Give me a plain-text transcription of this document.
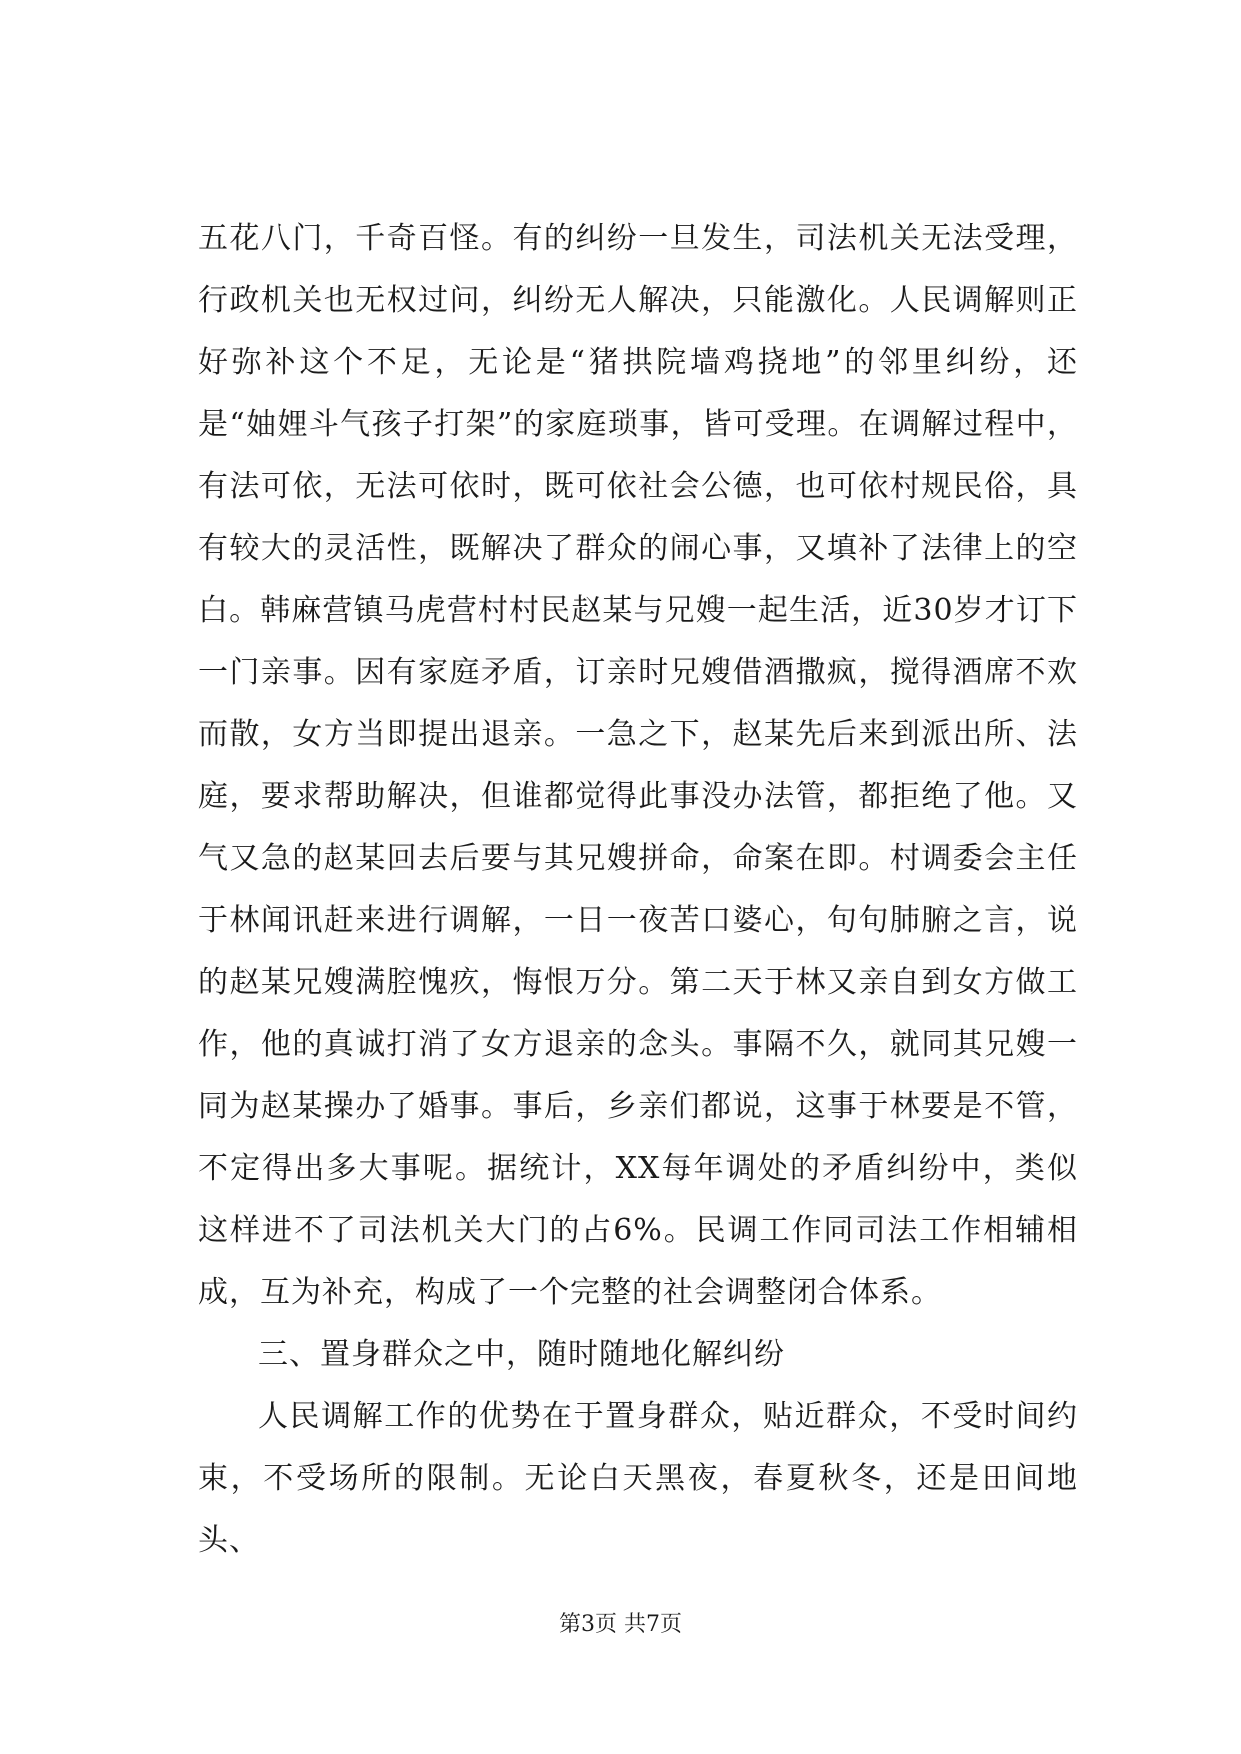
五花八门，千奇百怪。有的纠纷一旦发生，司法机关无法受理，行政机关也无权过问，纠纷无人解决，只能激化。人民调解则正好弥补这个不足，无论是“猪拱院墙鸡挠地”的邻里纠纷，还是“妯娌斗气孩子打架”的家庭琐事，皆可受理。在调解过程中，有法可依，无法可依时，既可依社会公德，也可依村规民俗，具有较大的灵活性，既解决了群众的闹心事，又填补了法律上的空白。韩麻营镇马虎营村村民赵某与兄嫂一起生活，近30岁才订下一门亲事。因有家庭矛盾，订亲时兄嫂借酒撒疯，搅得酒席不欢而散，女方当即提出退亲。一急之下，赵某先后来到派出所、法庭，要求帮助解决，但谁都觉得此事没办法管，都拒绝了他。又气又急的赵某回去后要与其兄嫂拼命，命案在即。村调委会主任于林闻讯赶来进行调解，一日一夜苦口婆心，句句肺腑之言，说的赵某兄嫂满腔愧疚，悔恨万分。第二天于林又亲自到女方做工作，他的真诚打消了女方退亲的念头。事隔不久，就同其兄嫂一同为赵某操办了婚事。事后，乡亲们都说，这事于林要是不管，不定得出多大事呢。据统计，XX每年调处的矛盾纠纷中，类似这样进不了司法机关大门的占6%。民调工作同司法工作相辅相成，互为补充，构成了一个完整的社会调整闭合体系。

三、置身群众之中，随时随地化解纠纷

人民调解工作的优势在于置身群众，贴近群众，不受时间约束，不受场所的限制。无论白天黑夜，春夏秋冬，还是田间地头、

第3页 共7页
